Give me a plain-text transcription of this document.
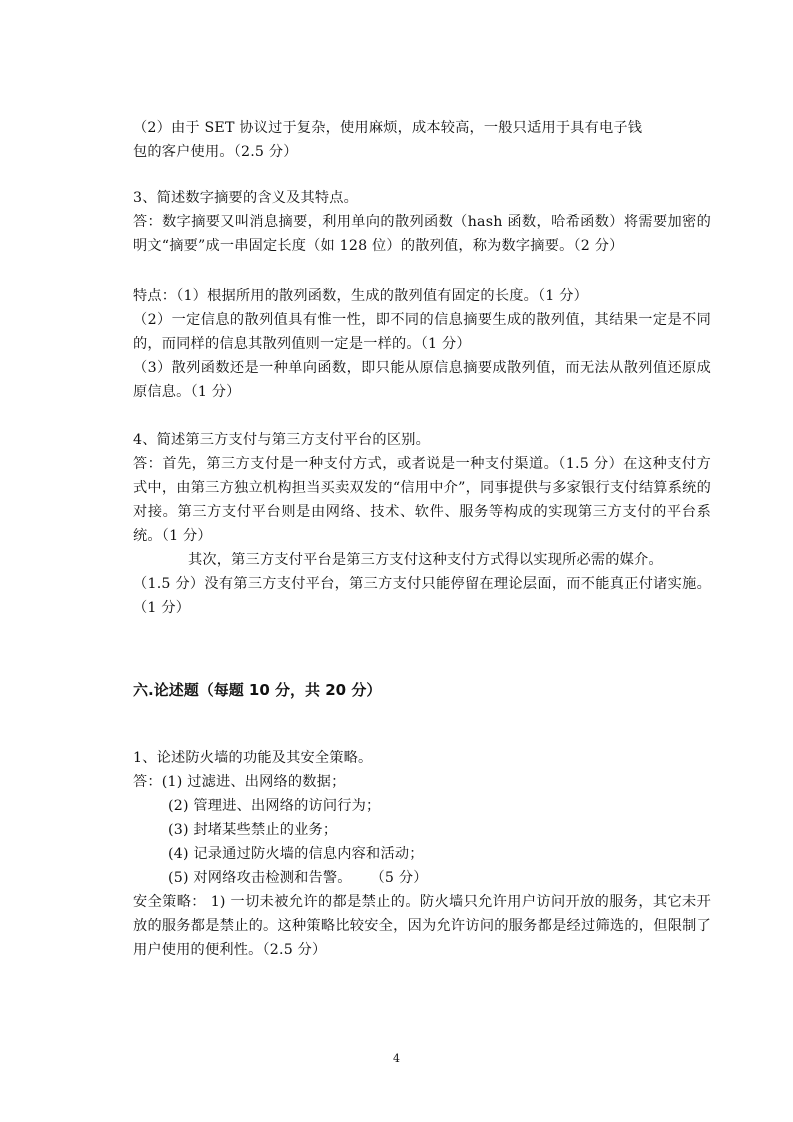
（2）由于 SET 协议过于复杂，使用麻烦，成本较高，一般只适用于具有电子钱
包的客户使用。（2.5 分）
3、简述数字摘要的含义及其特点。
答：数字摘要又叫消息摘要，利用单向的散列函数（hash 函数，哈希函数）将需要加密的明文“摘要”成一串固定长度（如 128 位）的散列值，称为数字摘要。（2 分）
特点：（1）根据所用的散列函数，生成的散列值有固定的长度。（1 分）
（2）一定信息的散列值具有惟一性，即不同的信息摘要生成的散列值，其结果一定是不同的，而同样的信息其散列值则一定是一样的。（1 分）
（3）散列函数还是一种单向函数，即只能从原信息摘要成散列值，而无法从散列值还原成原信息。（1 分）
4、简述第三方支付与第三方支付平台的区别。
答：首先，第三方支付是一种支付方式，或者说是一种支付渠道。（1.5 分）在这种支付方式中，由第三方独立机构担当买卖双发的“信用中介”，同事提供与多家银行支付结算系统的对接。第三方支付平台则是由网络、技术、软件、服务等构成的实现第三方支付的平台系统。（1 分）
其次，第三方支付平台是第三方支付这种支付方式得以实现所必需的媒介。
（1.5 分）没有第三方支付平台，第三方支付只能停留在理论层面，而不能真正付诸实施。（1 分）
六.论述题（每题 10 分，共 20 分）
1、论述防火墙的功能及其安全策略。
答：(1) 过滤进、出网络的数据；
(2) 管理进、出网络的访问行为；
(3) 封堵某些禁止的业务；
(4) 记录通过防火墙的信息内容和活动；
(5) 对网络攻击检测和告警。    （5 分）
安全策略： 1) 一切未被允许的都是禁止的。防火墙只允许用户访问开放的服务，其它未开放的服务都是禁止的。这种策略比较安全，因为允许访问的服务都是经过筛选的，但限制了用户使用的便利性。（2.5 分）
4
